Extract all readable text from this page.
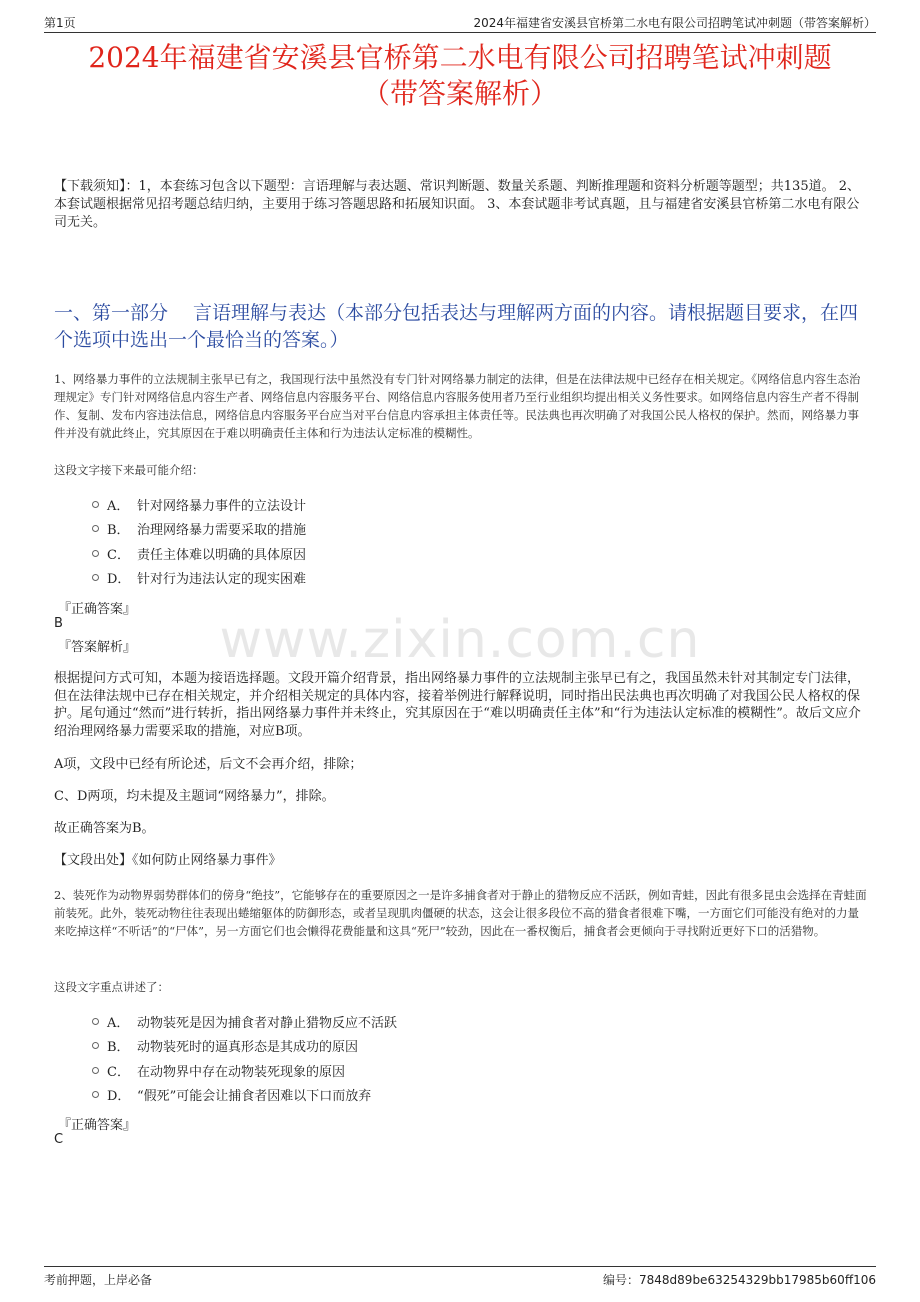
第1页	2024年福建省安溪县官桥第二水电有限公司招聘笔试冲刺题（带答案解析）
2024年福建省安溪县官桥第二水电有限公司招聘笔试冲刺题
（带答案解析）
【下载须知】：1，本套练习包含以下题型：言语理解与表达题、常识判断题、数量关系题、判断推理题和资料分析题等题型；共135道。 2、本套试题根据常见招考题总结归纳，主要用于练习答题思路和拓展知识面。 3、本套试题非考试真题，且与福建省安溪县官桥第二水电有限公司无关。
一、第一部分　 言语理解与表达（本部分包括表达与理解两方面的内容。请根据题目要求，在四个选项中选出一个最恰当的答案。）
1、网络暴力事件的立法规制主张早已有之，我国现行法中虽然没有专门针对网络暴力制定的法律，但是在法律法规中已经存在相关规定。《网络信息内容生态治理规定》专门针对网络信息内容生产者、网络信息内容服务平台、网络信息内容服务使用者乃至行业组织均提出相关义务性要求。如网络信息内容生产者不得制作、复制、发布内容违法信息，网络信息内容服务平台应当对平台信息内容承担主体责任等。民法典也再次明确了对我国公民人格权的保护。然而，网络暴力事件并没有就此终止，究其原因在于难以明确责任主体和行为违法认定标准的模糊性。
这段文字接下来最可能介绍：
A． 针对网络暴力事件的立法设计
B． 治理网络暴力需要采取的措施
C． 责任主体难以明确的具体原因
D． 针对行为违法认定的现实困难
『正确答案』
B
『答案解析』	www.zixin.com.cn
根据提问方式可知，本题为接语选择题。文段开篇介绍背景，指出网络暴力事件的立法规制主张早已有之，我国虽然未针对其制定专门法律，但在法律法规中已存在相关规定，并介绍相关规定的具体内容，接着举例进行解释说明，同时指出民法典也再次明确了对我国公民人格权的保护。尾句通过“然而”进行转折，指出网络暴力事件并未终止，究其原因在于“难以明确责任主体”和“行为违法认定标准的模糊性”。故后文应介绍治理网络暴力需要采取的措施，对应B项。
A项，文段中已经有所论述，后文不会再介绍，排除；
C、D两项，均未提及主题词“网络暴力”，排除。
故正确答案为B。
【文段出处】《如何防止网络暴力事件》
2、装死作为动物界弱势群体们的傍身“绝技”，它能够存在的重要原因之一是许多捕食者对于静止的猎物反应不活跃，例如青蛙，因此有很多昆虫会选择在青蛙面前装死。此外，装死动物往往表现出蜷缩躯体的防御形态，或者呈现肌肉僵硬的状态，这会让很多段位不高的猎食者很难下嘴，一方面它们可能没有绝对的力量来吃掉这样“不听话”的“尸体”，另一方面它们也会懒得花费能量和这具“死尸”较劲，因此在一番权衡后，捕食者会更倾向于寻找附近更好下口的活猎物。
这段文字重点讲述了：
A． 动物装死是因为捕食者对静止猎物反应不活跃
B． 动物装死时的逼真形态是其成功的原因
C． 在动物界中存在动物装死现象的原因
D． “假死”可能会让捕食者因难以下口而放弃
『正确答案』
C
考前押题，上岸必备	编号：7848d89be63254329bb17985b60ff106
